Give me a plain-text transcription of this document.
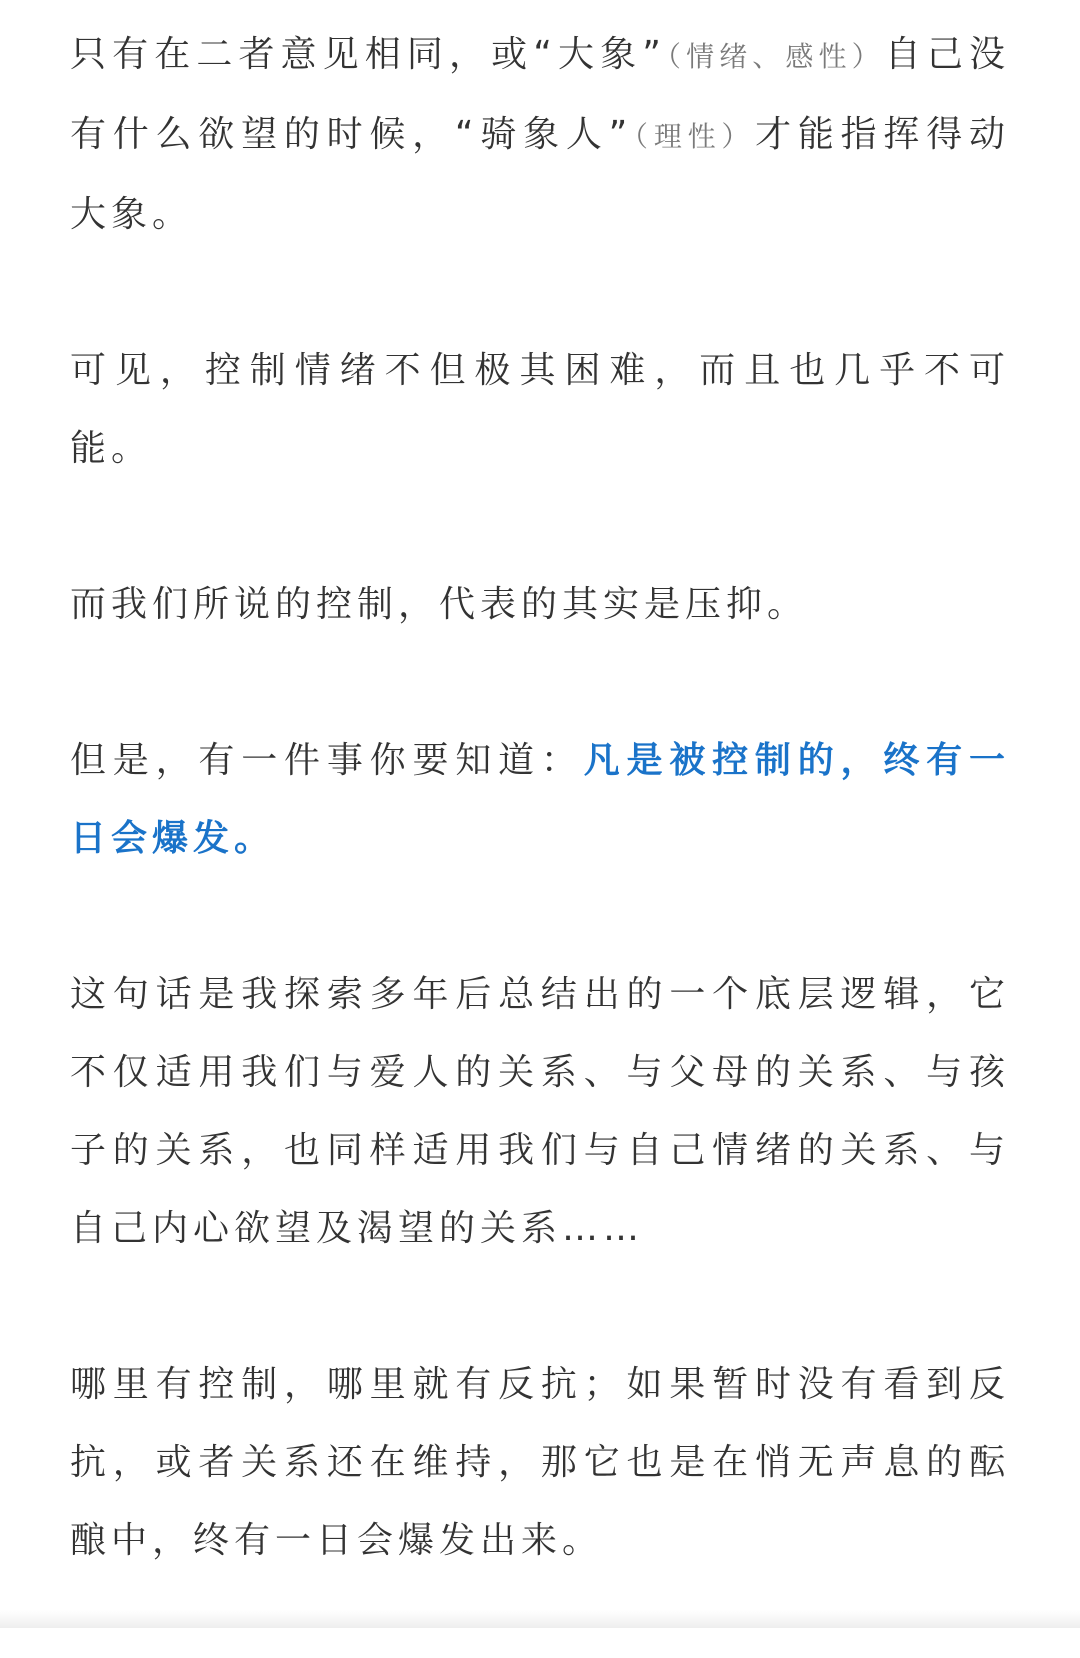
只有在二者意见相同，或“大象”（情绪、感性）自己没有什么欲望的时候，“骑象人”（理性）才能指挥得动大象。

可见，控制情绪不但极其困难，而且也几乎不可能。

而我们所说的控制，代表的其实是压抑。

但是，有一件事你要知道：凡是被控制的，终有一日会爆发。

这句话是我探索多年后总结出的一个底层逻辑，它不仅适用我们与爱人的关系、与父母的关系、与孩子的关系，也同样适用我们与自己情绪的关系、与自己内心欲望及渴望的关系……

哪里有控制，哪里就有反抗；如果暂时没有看到反抗，或者关系还在维持，那它也是在悄无声息的酝酿中，终有一日会爆发出来。
